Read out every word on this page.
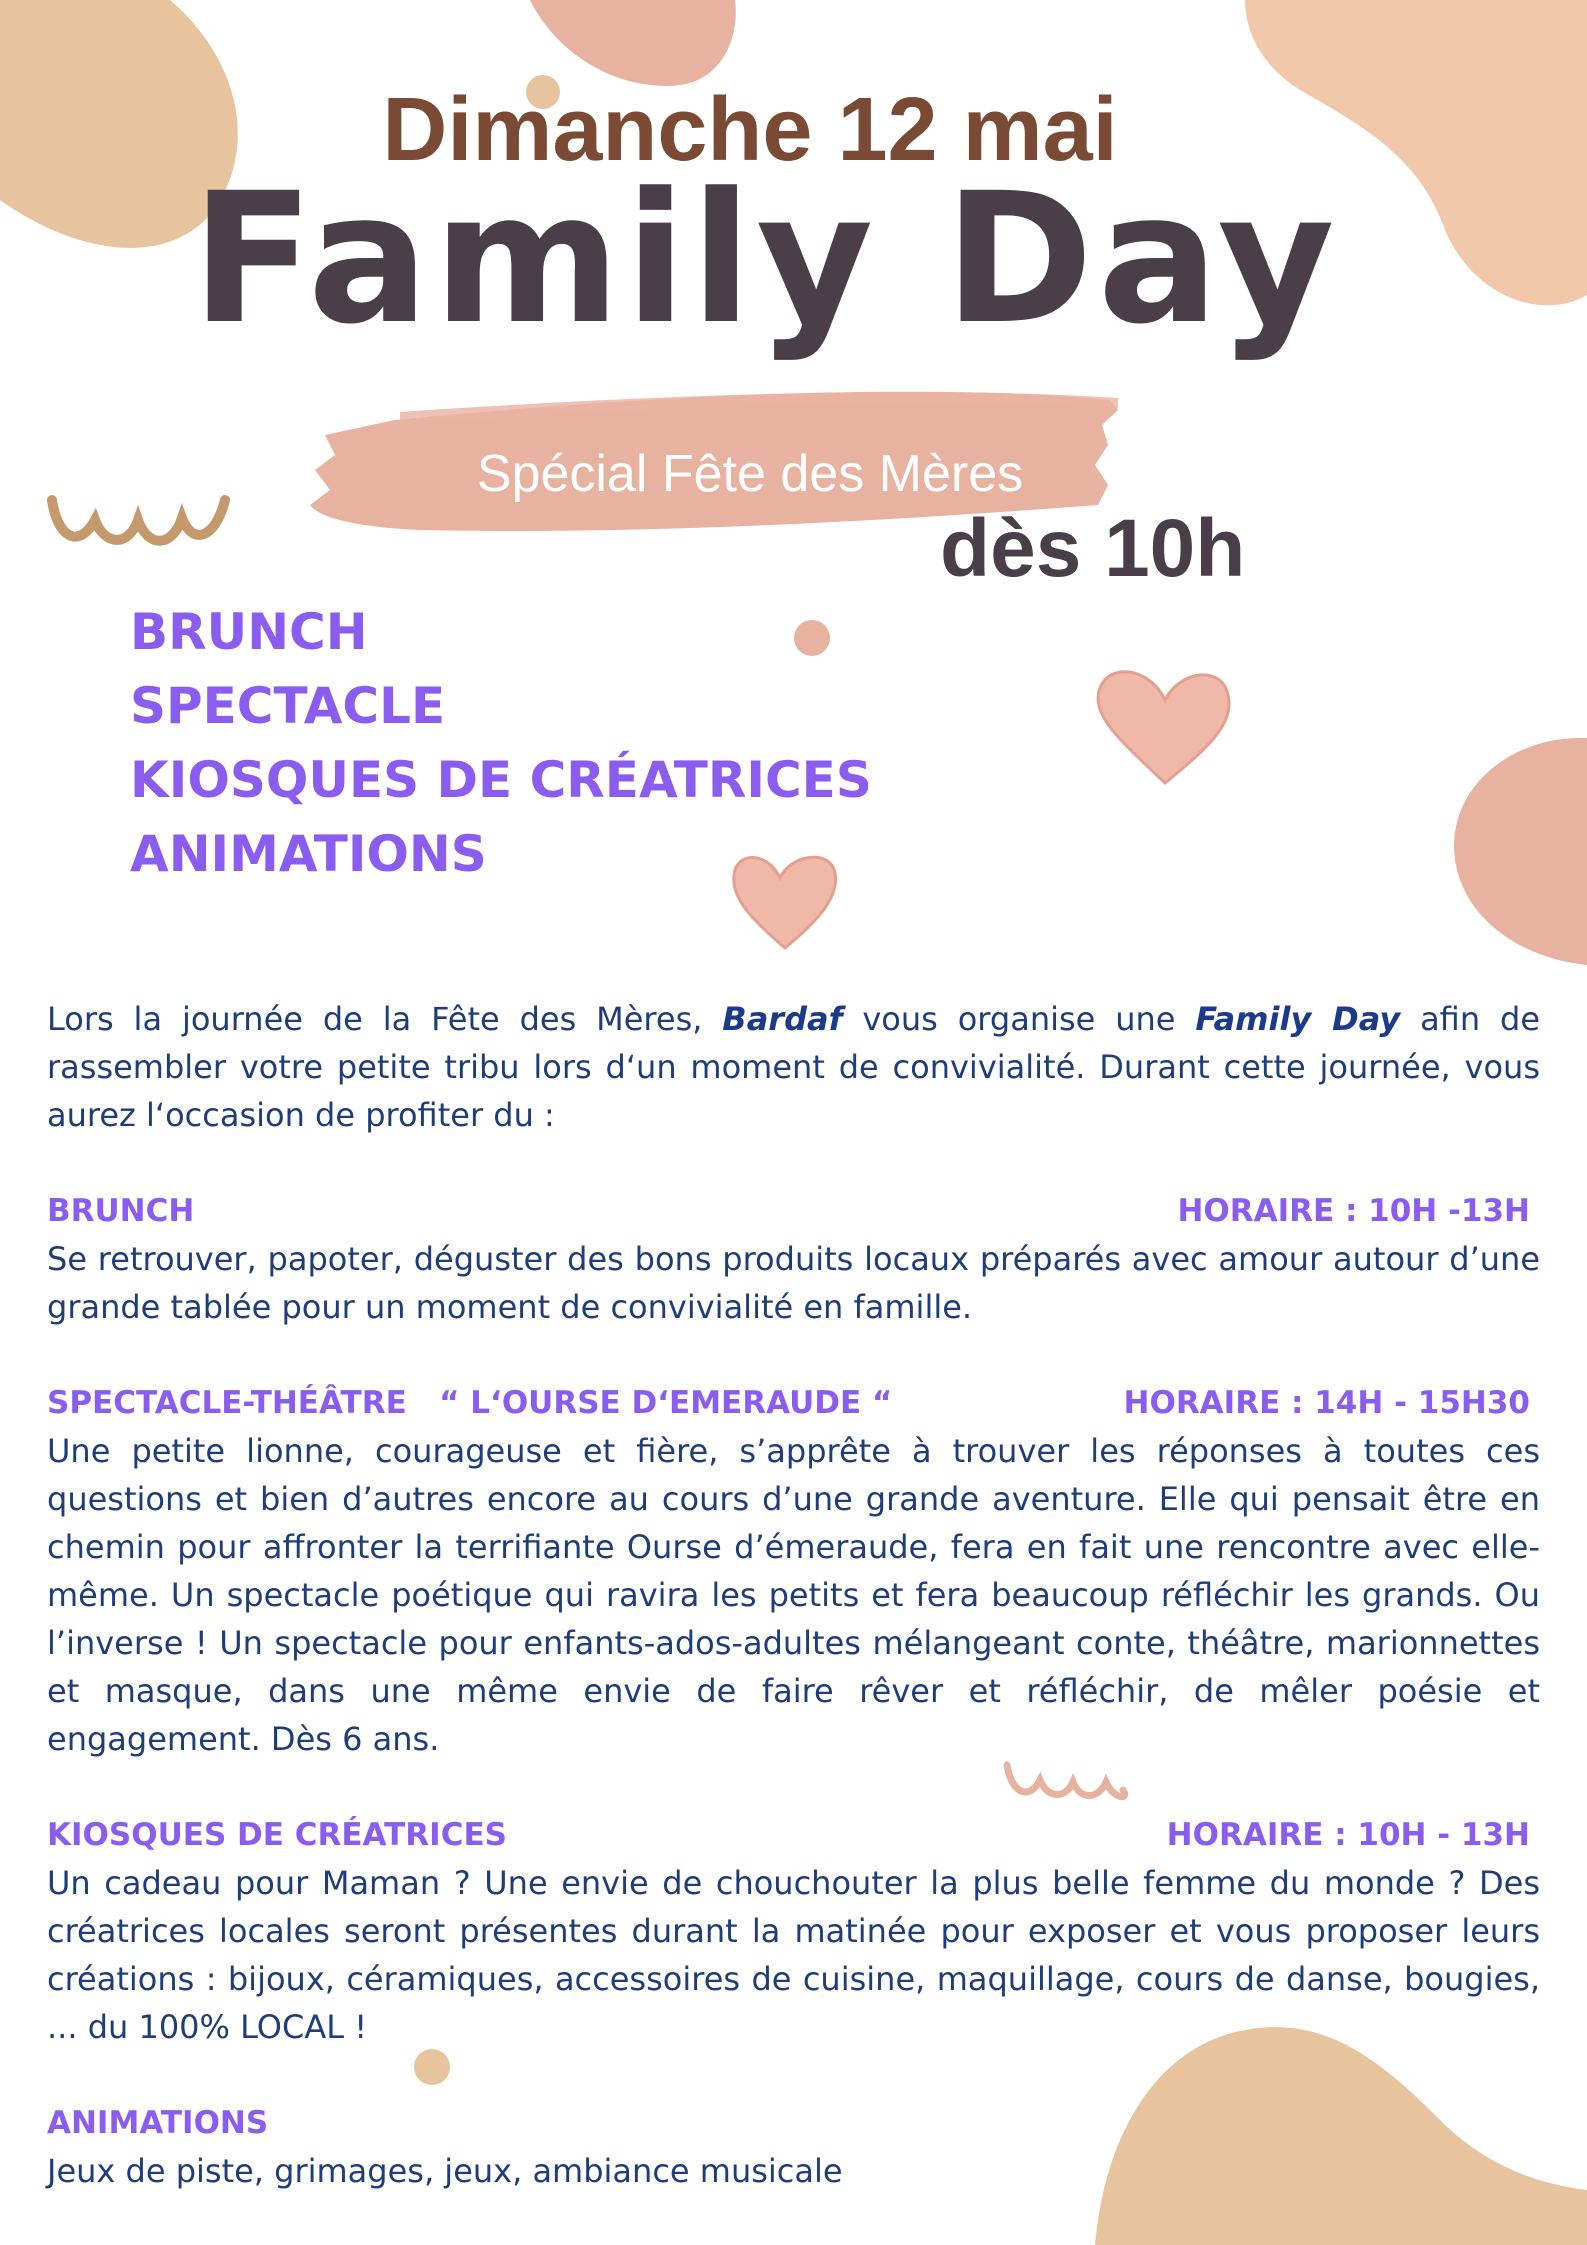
Dimanche 12 mai
Family Day
Spécial Fête des Mères
dès 10h
BRUNCH
SPECTACLE
KIOSQUES DE CRÉATRICES
ANIMATIONS

Lors la journée de la Fête des Mères, Bardaf vous organise une Family Day afin de rassembler votre petite tribu lors d‘un moment de convivialité. Durant cette journée, vous aurez l‘occasion de profiter du :

BRUNCH	HORAIRE : 10H -13H

Se retrouver, papoter, déguster des bons produits locaux préparés avec amour autour d’une grande tablée pour un moment de convivialité en famille.

SPECTACLE-THÉÂTRE   “ L‘OURSE D‘EMERAUDE “	HORAIRE : 14H - 15H30

Une petite lionne, courageuse et fière, s’apprête à trouver les réponses à toutes ces questions et bien d’autres encore au cours d’une grande aventure. Elle qui pensait être en chemin pour affronter la terrifiante Ourse d’émeraude, fera en fait une rencontre avec elle-même. Un spectacle poétique qui ravira les petits et fera beaucoup réfléchir les grands. Ou l’inverse ! Un spectacle pour enfants-ados-adultes mélangeant conte, théâtre, marionnettes et masque, dans une même envie de faire rêver et réfléchir, de mêler poésie et engagement. Dès 6 ans.

KIOSQUES DE CRÉATRICES	HORAIRE : 10H - 13H

Un cadeau pour Maman ? Une envie de chouchouter la plus belle femme du monde ? Des créatrices locales seront présentes durant la matinée pour exposer et vous proposer leurs créations : bijoux, céramiques, accessoires de cuisine, maquillage, cours de danse, bougies, ... du 100% LOCAL !

ANIMATIONS

Jeux de piste, grimages, jeux, ambiance musicale
